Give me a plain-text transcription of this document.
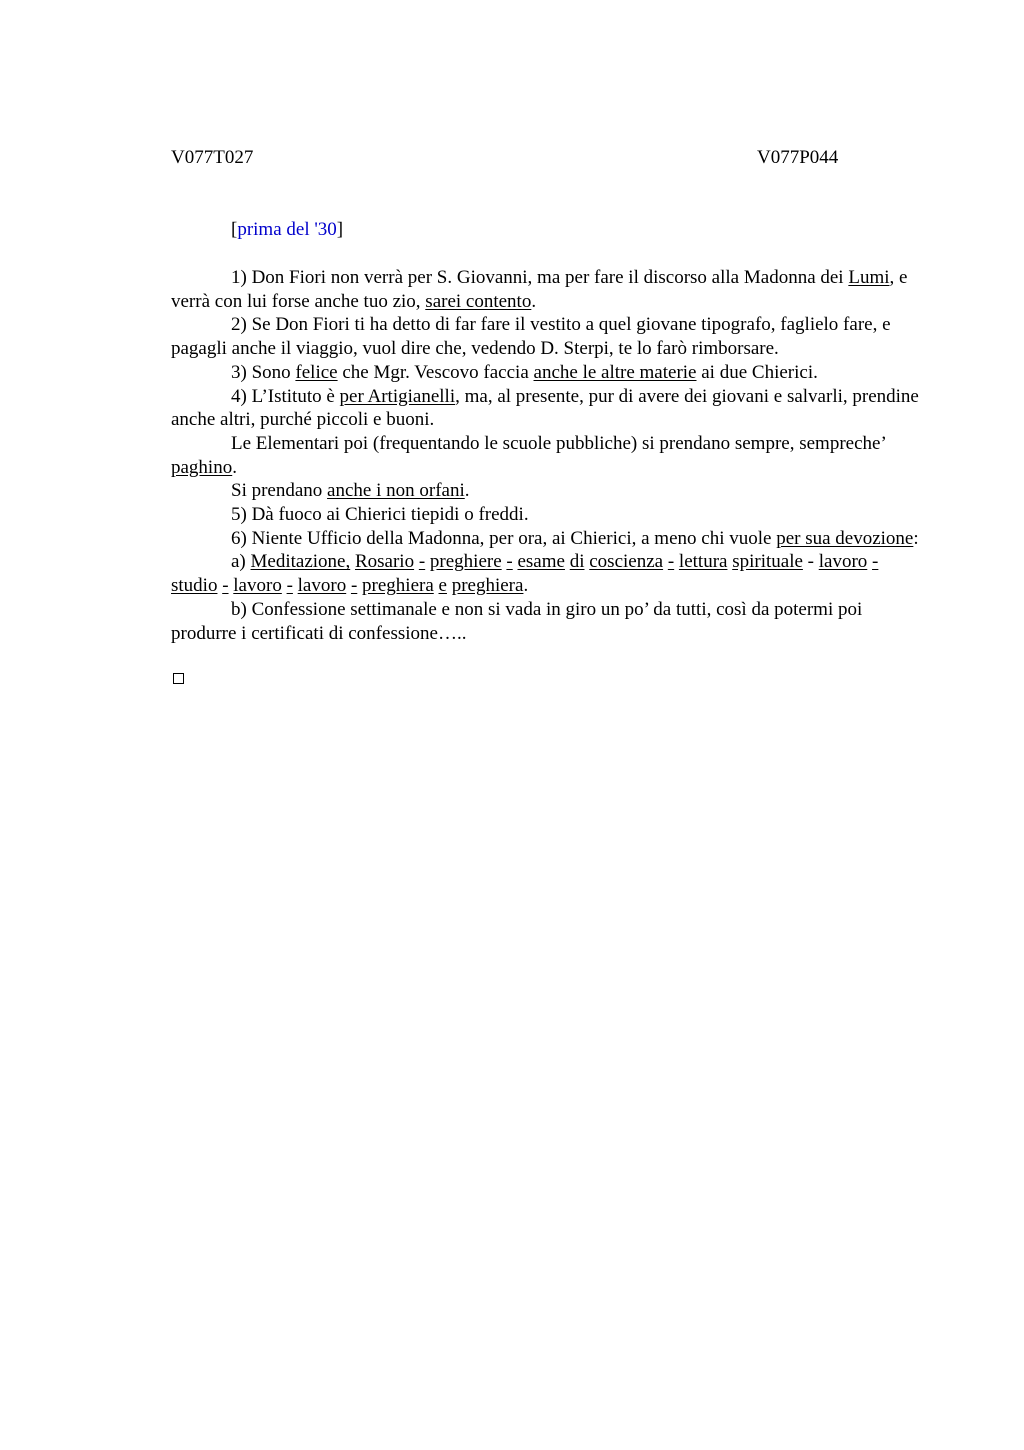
V077T027	V077P044
[prima del '30]

1) Don Fiori non verrà per S. Giovanni, ma per fare il discorso alla Madonna dei Lumi, e verrà con lui forse anche tuo zio, sarei contento.

2) Se Don Fiori ti ha detto di far fare il vestito a quel giovane tipografo, faglielo fare, e pagagli anche il viaggio, vuol dire che, vedendo D. Sterpi, te lo farò rimborsare.

3) Sono felice che Mgr. Vescovo faccia anche le altre materie ai due Chierici.

4) L’Istituto è per Artigianelli, ma, al presente, pur di avere dei giovani e salvarli, prendine anche altri, purché piccoli e buoni.

Le Elementari poi (frequentando le scuole pubbliche) si prendano sempre, sempreche’ paghino.

Si prendano anche i non orfani.

5) Dà fuoco ai Chierici tiepidi o freddi.

6) Niente Ufficio della Madonna, per ora, ai Chierici, a meno chi vuole per sua devozione:

a) Meditazione, Rosario - preghiere - esame di coscienza - lettura spirituale - lavoro - studio - lavoro - lavoro - preghiera e preghiera.

b) Confessione settimanale e non si vada in giro un po’ da tutti, così da potermi poi produrre i certificati di confessione…..
